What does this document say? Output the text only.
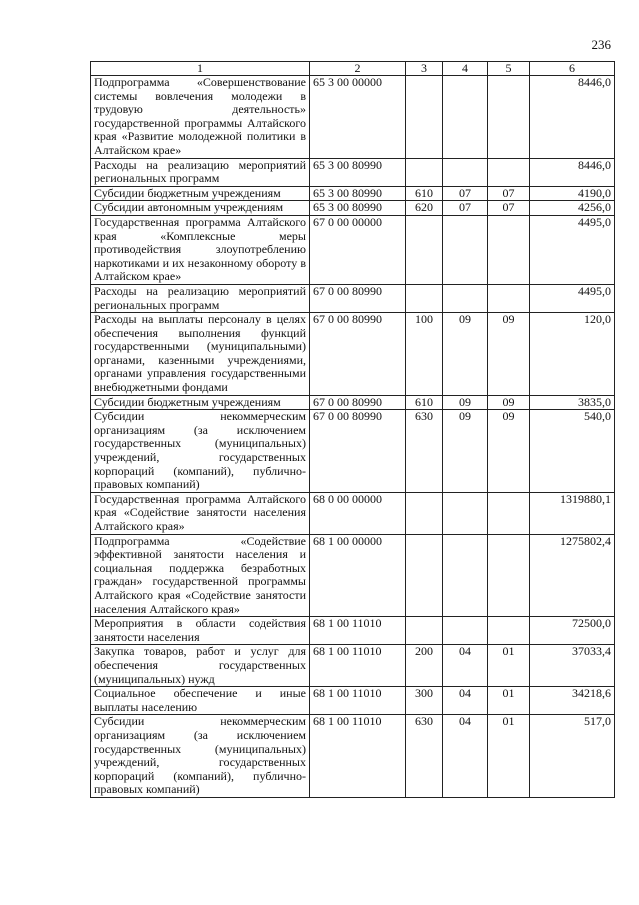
236
1	2	3	4	5	6
Подпрограмма «Совершенствование системы вовлечения молодежи в трудовую деятельность» государственной программы Алтайского края «Развитие молодежной политики в Алтайском крае»	65 3 00 00000				8446,0
Расходы на реализацию мероприятий региональных программ	65 3 00 80990				8446,0
Субсидии бюджетным учреждениям	65 3 00 80990	610	07	07	4190,0
Субсидии автономным учреждениям	65 3 00 80990	620	07	07	4256,0
Государственная программа Алтайского края «Комплексные меры противодействия злоупотреблению наркотиками и их незаконному обороту в Алтайском крае»	67 0 00 00000				4495,0
Расходы на реализацию мероприятий региональных программ	67 0 00 80990				4495,0
Расходы на выплаты персоналу в целях обеспечения выполнения функций государственными (муниципальными) органами, казенными учреждениями, органами управления государственными внебюджетными фондами	67 0 00 80990	100	09	09	120,0
Субсидии бюджетным учреждениям	67 0 00 80990	610	09	09	3835,0
Субсидии некоммерческим организациям (за исключением государственных (муниципальных) учреждений, государственных корпораций (компаний), публично-правовых компаний)	67 0 00 80990	630	09	09	540,0
Государственная программа Алтайского края «Содействие занятости населения Алтайского края»	68 0 00 00000				1319880,1
Подпрограмма «Содействие эффективной занятости населения и социальная поддержка безработных граждан» государственной программы Алтайского края «Содействие занятости населения Алтайского края»	68 1 00 00000				1275802,4
Мероприятия в области содействия занятости населения	68 1 00 11010				72500,0
Закупка товаров, работ и услуг для обеспечения государственных (муниципальных) нужд	68 1 00 11010	200	04	01	37033,4
Социальное обеспечение и иные выплаты населению	68 1 00 11010	300	04	01	34218,6
Субсидии некоммерческим организациям (за исключением государственных (муниципальных) учреждений, государственных корпораций (компаний), публично-правовых компаний)	68 1 00 11010	630	04	01	517,0
